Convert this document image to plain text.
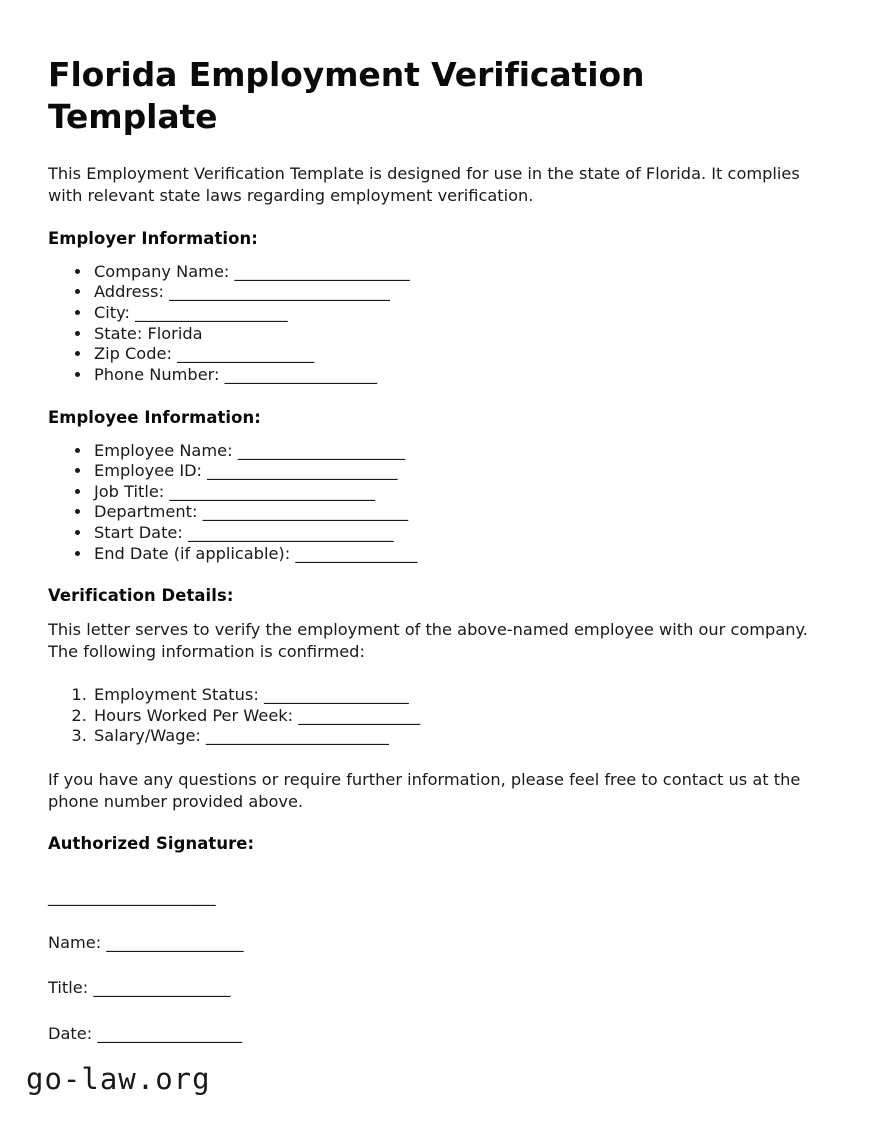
Florida Employment Verification Template

This Employment Verification Template is designed for use in the state of Florida. It complies with relevant state laws regarding employment verification.

Employer Information:
• Company Name: _______________________
• Address: _____________________________
• City: ____________________
• State: Florida
• Zip Code: __________________
• Phone Number: ____________________
Employee Information:
• Employee Name: ______________________
• Employee ID: _________________________
• Job Title: ___________________________
• Department: ___________________________
• Start Date: ___________________________
• End Date (if applicable): ________________
Verification Details:

This letter serves to verify the employment of the above-named employee with our company. The following information is confirmed:

1. Employment Status: ___________________
2. Hours Worked Per Week: ________________
3. Salary/Wage: ________________________

If you have any questions or require further information, please feel free to contact us at the phone number provided above.

Authorized Signature:
______________________
Name: __________________
Title: __________________
Date: ___________________
go-law.org
